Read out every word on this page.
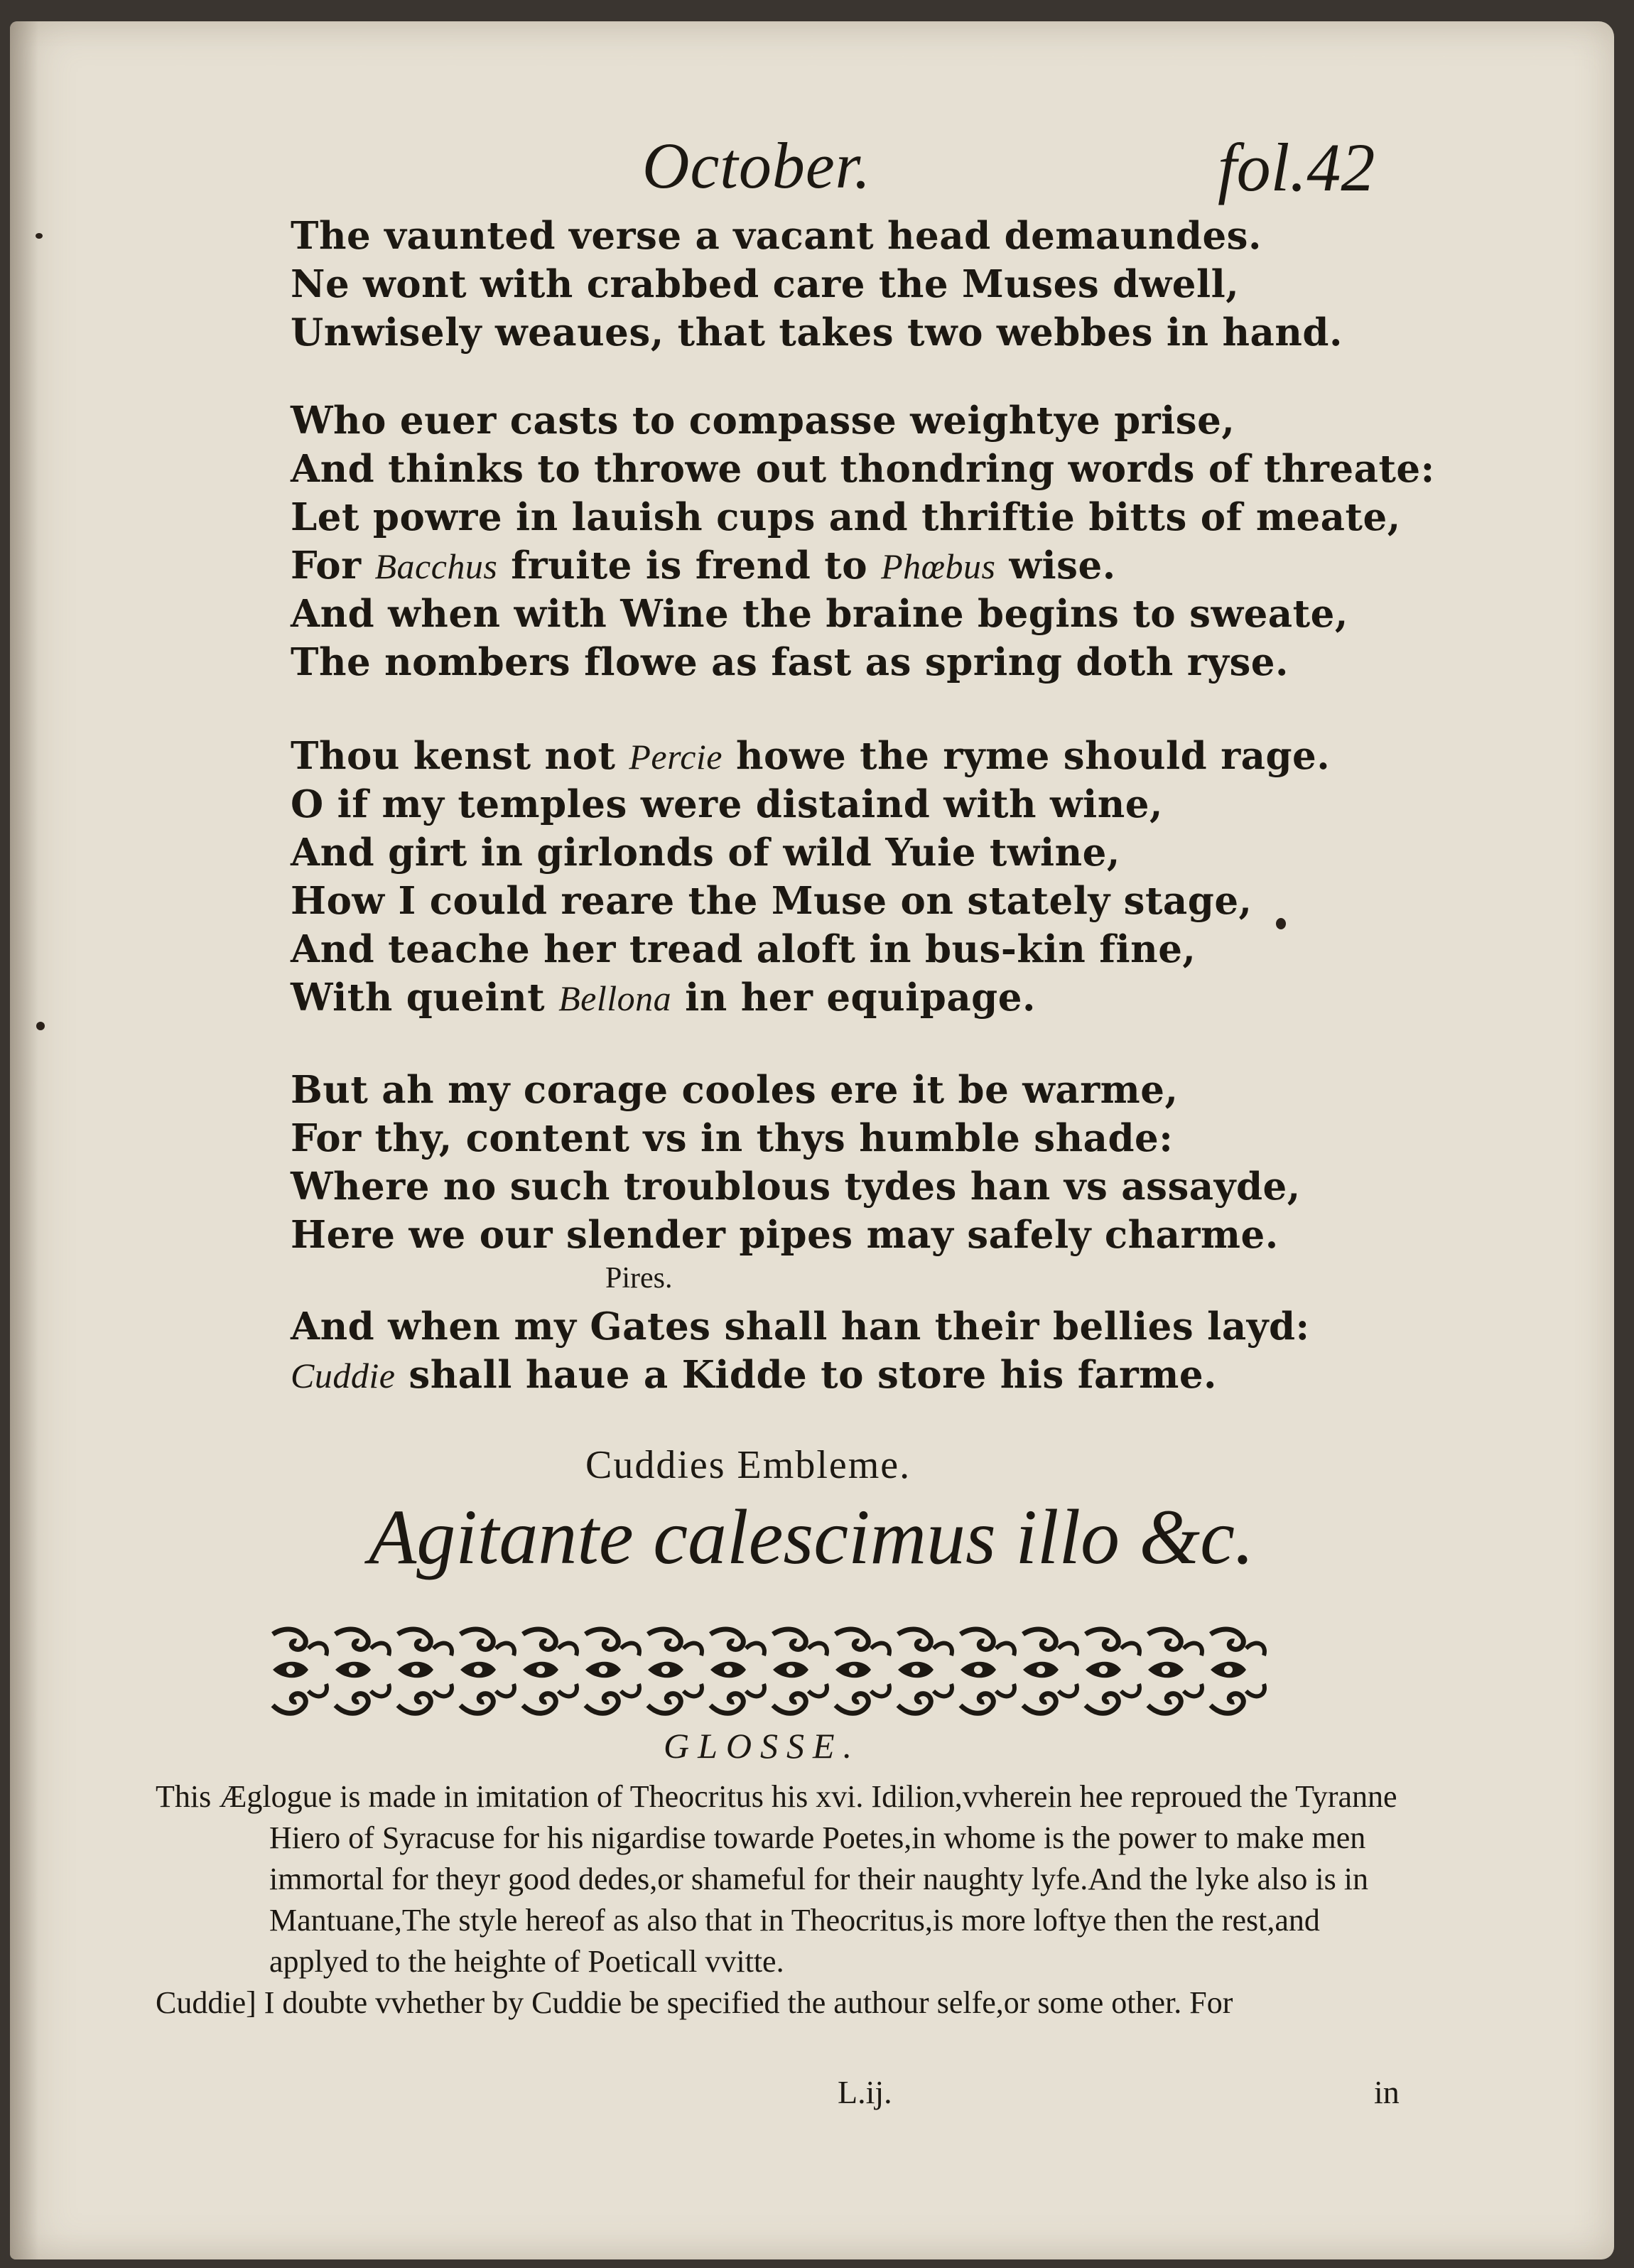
October.	fol.42
The vaunted verse a vacant head demaundes.
Ne wont with crabbed care the Muses dwell,
Unwisely weaues, that takes two webbes in hand.
Who euer casts to compasse weightye prise,
And thinks to throwe out thondring words of threate:
Let powre in lauish cups and thriftie bitts of meate,
For Bacchus fruite is frend to Phœbus wise.
And when with Wine the braine begins to sweate,
The nombers flowe as fast as spring doth ryse.
Thou kenst not Percie howe the ryme should rage.
O if my temples were distaind with wine,
And girt in girlonds of wild Yuie twine,
How I could reare the Muse on stately stage,
And teache her tread aloft in bus-kin fine,
With queint Bellona in her equipage.
But ah my corage cooles ere it be warme,
For thy, content vs in thys humble shade:
Where no such troublous tydes han vs assayde,
Here we our slender pipes may safely charme.
Pires.
And when my Gates shall han their bellies layd:
Cuddie shall haue a Kidde to store his farme.
Cuddies Embleme.
Agitante calescimus illo &c.
GLOSSE.

This Æglogue is made in imitation of Theocritus his xvi. Idilion,vvherein hee reproued the Tyranne Hiero of Syracuse for his nigardise towarde Poetes,in whome is the power to make men immortal for theyr good dedes,or shameful for their naughty lyfe.And the lyke also is in Mantuane,The style hereof as also that in Theocritus,is more loftye then the rest,and applyed to the heighte of Poeticall vvitte.

Cuddie] I doubte vvhether by Cuddie be specified the authour selfe,or some other. For

L.ij.	in
